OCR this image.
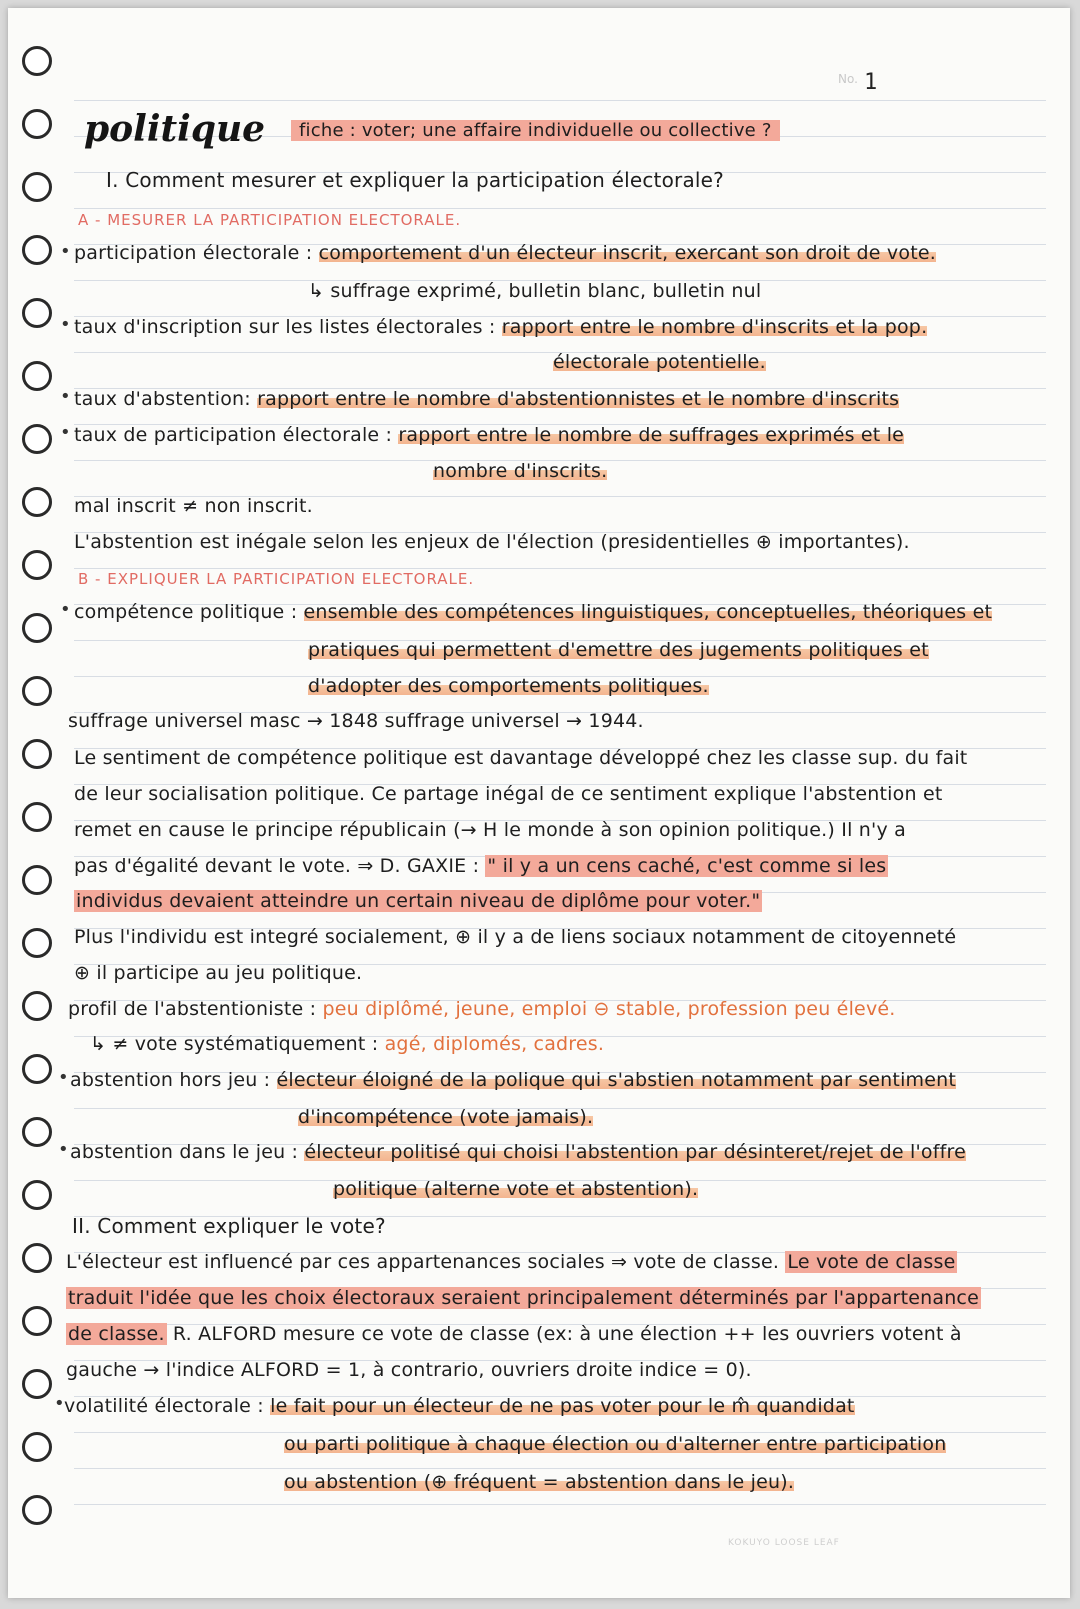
No. 1
politique	fiche : voter; une affaire individuelle ou collective ?
I. Comment mesurer et expliquer la participation électorale?
A - MESURER LA PARTICIPATION ELECTORALE.
• participation électorale : comportement d'un électeur inscrit, exercant son droit de vote.
↳ suffrage exprimé, bulletin blanc, bulletin nul
• taux d'inscription sur les listes électorales : rapport entre le nombre d'inscrits et la pop.
électorale potentielle.
• taux d'abstention: rapport entre le nombre d'abstentionnistes et le nombre d'inscrits
• taux de participation électorale : rapport entre le nombre de suffrages exprimés et le
nombre d'inscrits.
mal inscrit ≠ non inscrit.
L'abstention est inégale selon les enjeux de l'élection (presidentielles ⊕ importantes).
B - EXPLIQUER LA PARTICIPATION ELECTORALE.
• compétence politique : ensemble des compétences linguistiques, conceptuelles, théoriques et
pratiques qui permettent d'emettre des jugements politiques et
d'adopter des comportements politiques.
suffrage universel masc → 1848 suffrage universel → 1944.
Le sentiment de compétence politique est davantage développé chez les classe sup. du fait
de leur socialisation politique. Ce partage inégal de ce sentiment explique l'abstention et
remet en cause le principe républicain (→ H le monde à son opinion politique.) Il n'y a
pas d'égalité devant le vote. ⇒ D. GAXIE : " il y a un cens caché, c'est comme si les
individus devaient atteindre un certain niveau de diplôme pour voter."
Plus l'individu est integré socialement, ⊕ il y a de liens sociaux notamment de citoyenneté
⊕ il participe au jeu politique.
profil de l'abstentioniste : peu diplômé, jeune, emploi ⊖ stable, profession peu élevé.
↳ ≠ vote systématiquement : agé, diplomés, cadres.
• abstention hors jeu : électeur éloigné de la polique qui s'abstien notamment par sentiment
d'incompétence (vote jamais).
• abstention dans le jeu : électeur politisé qui choisi l'abstention par désinteret/rejet de l'offre
politique (alterne vote et abstention).
II. Comment expliquer le vote?
L'électeur est influencé par ces appartenances sociales ⇒ vote de classe. Le vote de classe
traduit l'idée que les choix électoraux seraient principalement déterminés par l'appartenance
de classe. R. ALFORD mesure ce vote de classe (ex: à une élection ++ les ouvriers votent à
gauche → l'indice ALFORD = 1, à contrario, ouvriers droite indice = 0).
• volatilité électorale : le fait pour un électeur de ne pas voter pour le m̂ quandidat
ou parti politique à chaque élection ou d'alterner entre participation
ou abstention (⊕ fréquent = abstention dans le jeu).
KOKUYO LOOSE LEAF
